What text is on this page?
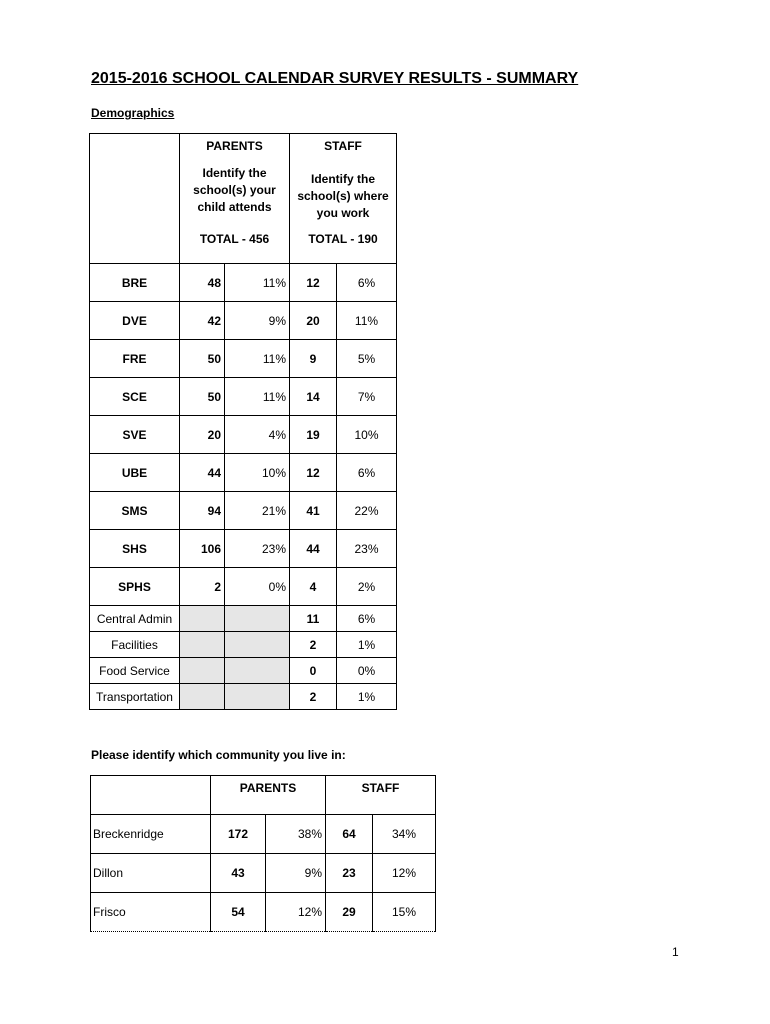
2015-2016 SCHOOL CALENDAR SURVEY RESULTS - SUMMARY
Demographics

	PARENTS
Identify the
school(s) your
child attends
TOTAL - 456		STAFF
Identify the
school(s) where
you work
TOTAL - 190	

BRE	48	11%	12	6%
DVE	42	9%	20	11%
FRE	50	11%	9	5%
SCE	50	11%	14	7%
SVE	20	4%	19	10%
UBE	44	10%	12	6%
SMS	94	21%	41	22%
SHS	106	23%	44	23%
SPHS	2	0%	4	2%
Central Admin			11	6%
Facilities			2	1%
Food Service			0	0%
Transportation			2	1%
Please identify which community you live in:
	PARENTS		STAFF	
Breckenridge	172	38%	64	34%
Dillon	43	9%	23	12%
Frisco	54	12%	29	15%
1
